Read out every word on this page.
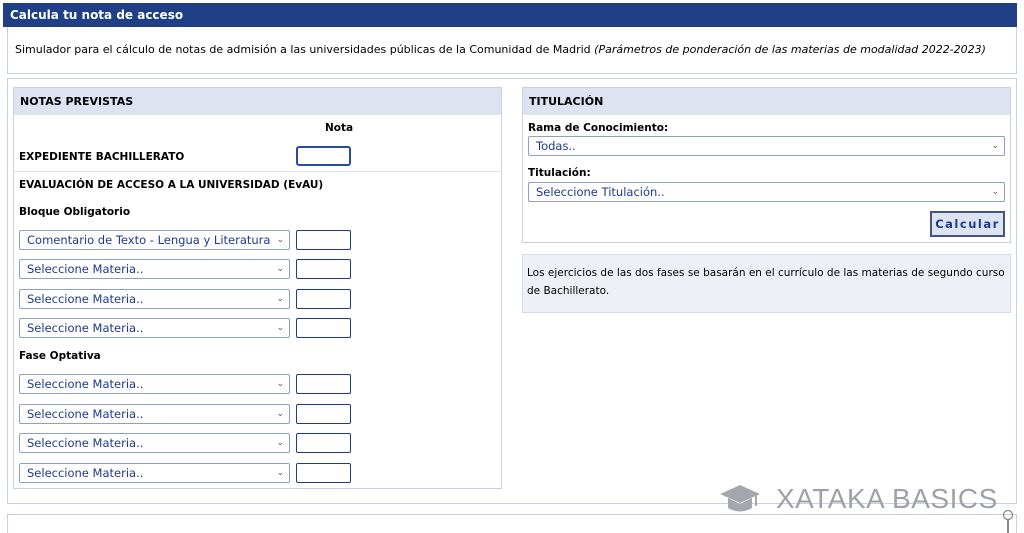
Calcula tu nota de acceso
Simulador para el cálculo de notas de admisión a las universidades públicas de la Comunidad de Madrid (Parámetros de ponderación de las materias de modalidad 2022-2023)
NOTAS PREVISTAS
Nota
EXPEDIENTE BACHILLERATO
EVALUACIÓN DE ACCESO A LA UNIVERSIDAD (EvAU)
Bloque Obligatorio
Comentario de Texto - Lengua y Literatura ⌄
Seleccione Materia..	⌄
Seleccione Materia..	⌄
Seleccione Materia..	⌄
Fase Optativa
Seleccione Materia..	⌄
Seleccione Materia..	⌄
Seleccione Materia..	⌄
Seleccione Materia..	⌄
TITULACIÓN
Rama de Conocimiento:
Todas..	⌄
Titulación:
Seleccione Titulación..	⌄
Calcular
Los ejercicios de las dos fases se basarán en el currículo de las materias de segundo curso de Bachillerato.
XATAKA BASICS
